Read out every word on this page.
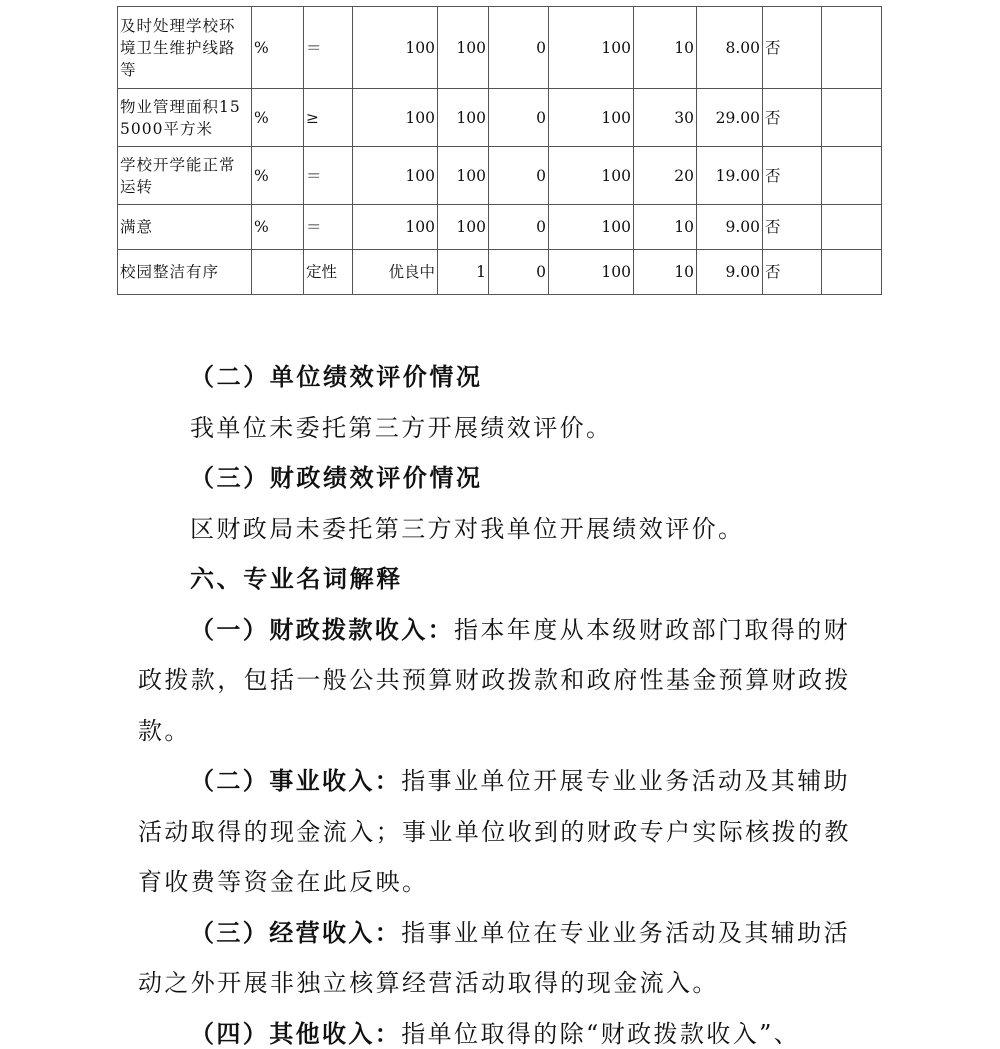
及时处理学校环境卫生维护线路等	%	＝	100	100	0	100	10	8.00	否	
物业管理面积155000平方米	%	≥	100	100	0	100	30	29.00	否	
学校开学能正常运转	%	＝	100	100	0	100	20	19.00	否	
满意	%	＝	100	100	0	100	10	9.00	否	
校园整洁有序		定性	优良中	1	0	100	10	9.00	否	
（二）单位绩效评价情况
我单位未委托第三方开展绩效评价。
（三）财政绩效评价情况
区财政局未委托第三方对我单位开展绩效评价。
六、专业名词解释
（一）财政拨款收入：指本年度从本级财政部门取得的财
政拨款，包括一般公共预算财政拨款和政府性基金预算财政拨
款。
（二）事业收入：指事业单位开展专业业务活动及其辅助
活动取得的现金流入；事业单位收到的财政专户实际核拨的教
育收费等资金在此反映。
（三）经营收入：指事业单位在专业业务活动及其辅助活
动之外开展非独立核算经营活动取得的现金流入。
（四）其他收入：指单位取得的除“财政拨款收入”、
